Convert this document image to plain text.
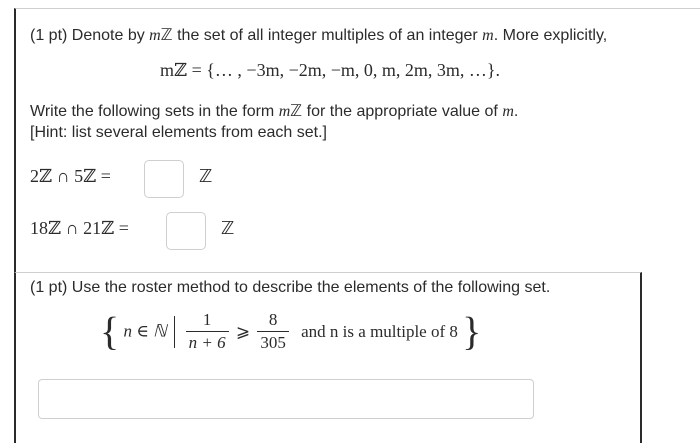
(1 pt) Denote by mℤ the set of all integer multiples of an integer m. More explicitly,
mℤ = {… , −3m, −2m, −m, 0, m, 2m, 3m, …}.
Write the following sets in the form mℤ for the appropriate value of m.
[Hint: list several elements from each set.]
2ℤ ∩ 5ℤ =	ℤ
18ℤ ∩ 21ℤ =	ℤ
(1 pt) Use the roster method to describe the elements of the following set.
{ n ∈ ℕ $\frac{1}{n + 6}$ ⩾ $\frac{8}{305}$ and n is a multiple of 8 }
